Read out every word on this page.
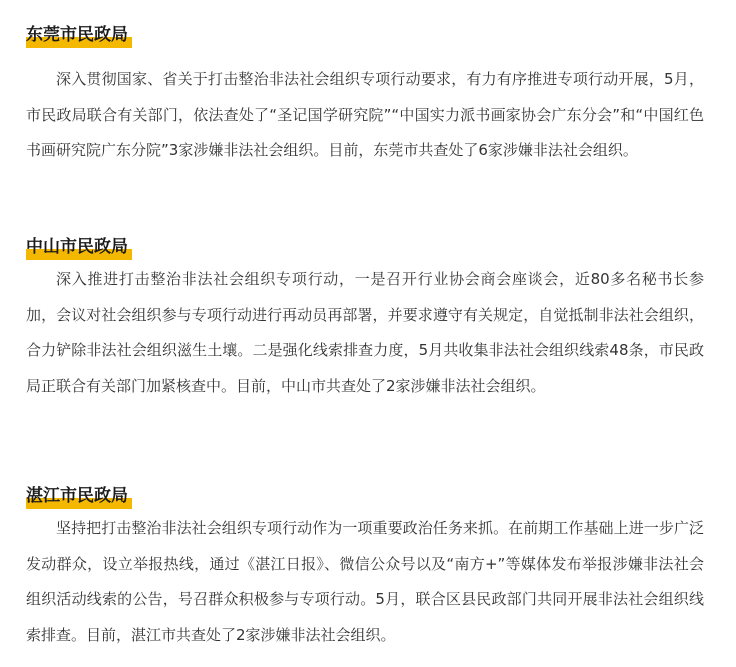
东莞市民政局

深入贯彻国家、省关于打击整治非法社会组织专项行动要求，有力有序推进专项行动开展，5月，市民政局联合有关部门，依法查处了“圣记国学研究院”“中国实力派书画家协会广东分会”和“中国红色书画研究院广东分院”3家涉嫌非法社会组织。目前，东莞市共查处了6家涉嫌非法社会组织。

中山市民政局

深入推进打击整治非法社会组织专项行动，一是召开行业协会商会座谈会，近80多名秘书长参加，会议对社会组织参与专项行动进行再动员再部署，并要求遵守有关规定，自觉抵制非法社会组织，合力铲除非法社会组织滋生土壤。二是强化线索排查力度，5月共收集非法社会组织线索48条，市民政局正联合有关部门加紧核查中。目前，中山市共查处了2家涉嫌非法社会组织。

湛江市民政局

坚持把打击整治非法社会组织专项行动作为一项重要政治任务来抓。在前期工作基础上进一步广泛发动群众，设立举报热线，通过《湛江日报》、微信公众号以及“南方+”等媒体发布举报涉嫌非法社会组织活动线索的公告，号召群众积极参与专项行动。5月，联合区县民政部门共同开展非法社会组织线索排查。目前，湛江市共查处了2家涉嫌非法社会组织。
